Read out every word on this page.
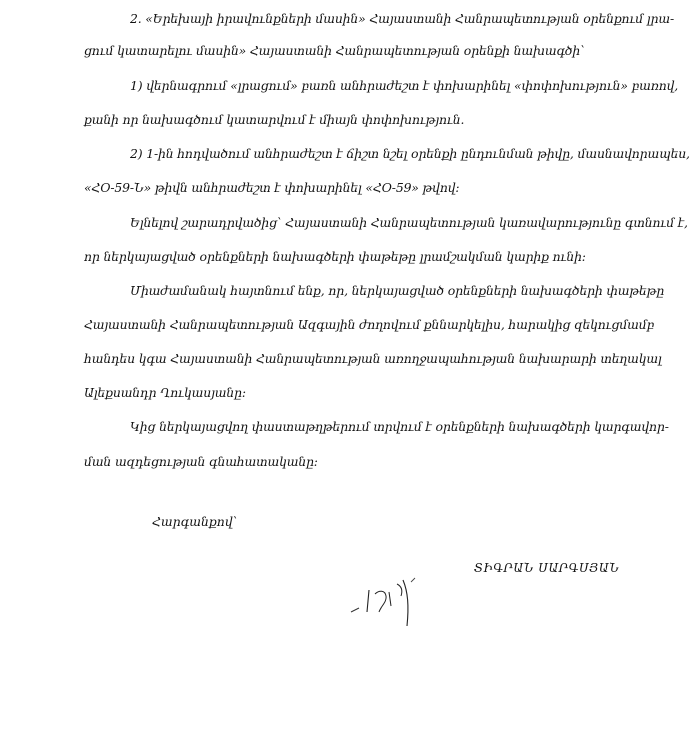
2. «Երեխայի իրավունքների մասին» Հայաստանի Հանրապետության օրենքում լրա-
ցում կատարելու մասին» Հայաստանի Հանրապետության օրենքի նախագծի՝
1) վերնագրում «լրացում» բառն անհրաժեշտ է փոխարինել «փոփոխություն» բառով,
քանի որ նախագծում կատարվում է միայն փոփոխություն.
2) 1-ին հոդվածում անհրաժեշտ է ճիշտ նշել օրենքի ընդունման թիվը, մասնավորապես,
«ՀՕ-59-Ն» թիվն անհրաժեշտ է փոխարինել «ՀՕ-59» թվով:
Ելնելով շարադրվածից՝ Հայաստանի Հանրապետության կառավարությունը գտնում է,
որ ներկայացված օրենքների նախագծերի փաթեթը լրամշակման կարիք ունի:
Միաժամանակ հայտնում ենք, որ, ներկայացված օրենքների նախագծերի փաթեթը
Հայաստանի Հանրապետության Ազգային ժողովում քննարկելիս, հարակից զեկուցմամբ
հանդես կգա Հայաստանի Հանրապետության առողջապահության նախարարի տեղակալ
Ալեքսանդր Ղուկասյանը:
Կից ներկայացվող փաստաթղթերում տրվում է օրենքների նախագծերի կարգավոր-
ման ազդեցության գնահատականը:
Հարգանքով՝
ՏԻԳՐԱՆ ՍԱՐԳՍՅԱՆ
